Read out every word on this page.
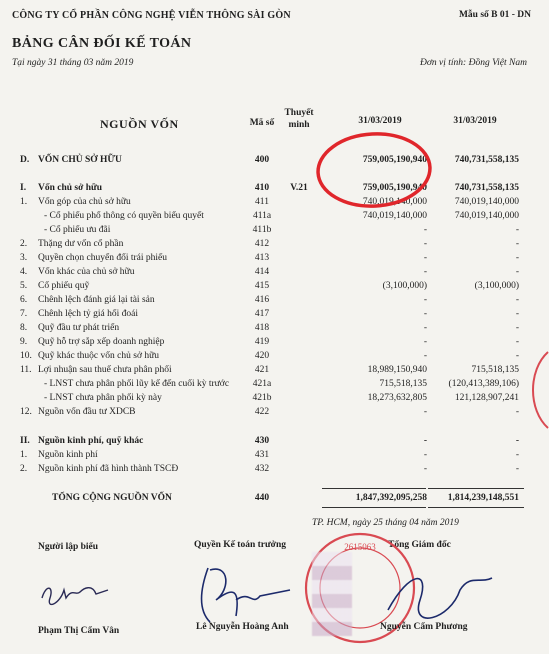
CÔNG TY CỔ PHẦN CÔNG NGHỆ VIỄN THÔNG SÀI GÒN	Mẫu số B 01 - DN
BẢNG CÂN ĐỐI KẾ TOÁN
Tại ngày 31 tháng 03 năm 2019	Đơn vị tính: Đồng Việt Nam
NGUỒN VỐN	Mã số
Thuyết
minh	31/03/2019	31/03/2019
D. VỐN CHỦ SỞ HỮU	400	759,005,190,940	740,731,558,135
I. Vốn chủ sở hữu	410	V.21	759,005,190,940	740,731,558,135
1. Vốn góp của chủ sở hữu	411	740,019,140,000	740,019,140,000
- Cổ phiếu phổ thông có quyền biểu quyết	411a	740,019,140,000	740,019,140,000
- Cổ phiếu ưu đãi	411b	-	-
2. Thặng dư vốn cổ phần	412	-	-
3. Quyền chọn chuyển đổi trái phiếu	413	-	-
4. Vốn khác của chủ sở hữu	414	-	-
5. Cổ phiếu quỹ	415	(3,100,000)	(3,100,000)
6. Chênh lệch đánh giá lại tài sản	416	-	-
7. Chênh lệch tỷ giá hối đoái	417	-	-
8. Quỹ đầu tư phát triển	418	-	-
9. Quỹ hỗ trợ sắp xếp doanh nghiệp	419	-	-
10. Quỹ khác thuộc vốn chủ sở hữu	420	-	-
11. Lợi nhuận sau thuế chưa phân phối	421	18,989,150,940	715,518,135
- LNST chưa phân phối lũy kế đến cuối kỳ trước	421a	715,518,135 (120,413,389,106)
- LNST chưa phân phối kỳ này	421b	18,273,632,805	121,128,907,241
12. Nguồn vốn đầu tư XDCB	422	-	-
II. Nguồn kinh phí, quỹ khác	430	-	-
1. Nguồn kinh phí	431	-	-
2. Nguồn kinh phí đã hình thành TSCĐ	432	-	-
TỔNG CỘNG NGUỒN VỐN	440	1,847,392,095,258 1,814,239,148,551
TP. HCM, ngày 25 tháng 04 năm 2019
Người lập biểu	Quyền Kế toán trưởng	Tổng Giám đốc
2615063
Phạm Thị Cẩm Vân	Lê Nguyễn Hoàng Anh	Nguyễn Cẩm Phương
